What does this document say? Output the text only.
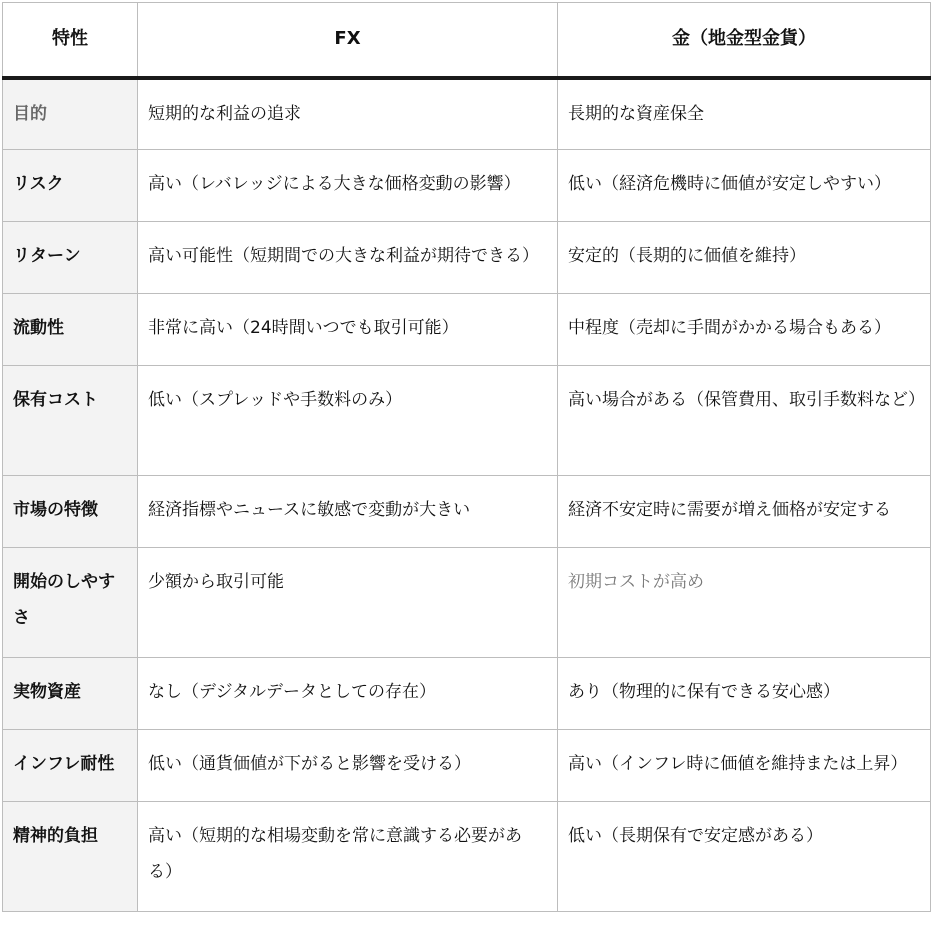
特性	FX	金（地金型金貨）
目的	短期的な利益の追求	長期的な資産保全
リスク	高い（レバレッジによる大きな価格変動の影響）	低い（経済危機時に価値が安定しやすい）
リターン	高い可能性（短期間での大きな利益が期待できる）	安定的（長期的に価値を維持）
流動性	非常に高い（24時間いつでも取引可能）	中程度（売却に手間がかかる場合もある）
保有コスト	低い（スプレッドや手数料のみ）	高い場合がある（保管費用、取引手数料など）
市場の特徴	経済指標やニュースに敏感で変動が大きい	経済不安定時に需要が増え価格が安定する
開始のしやすさ	少額から取引可能	初期コストが高め
実物資産	なし（デジタルデータとしての存在）	あり（物理的に保有できる安心感）
インフレ耐性	低い（通貨価値が下がると影響を受ける）	高い（インフレ時に価値を維持または上昇）
精神的負担	高い（短期的な相場変動を常に意識する必要がある）	低い（長期保有で安定感がある）
